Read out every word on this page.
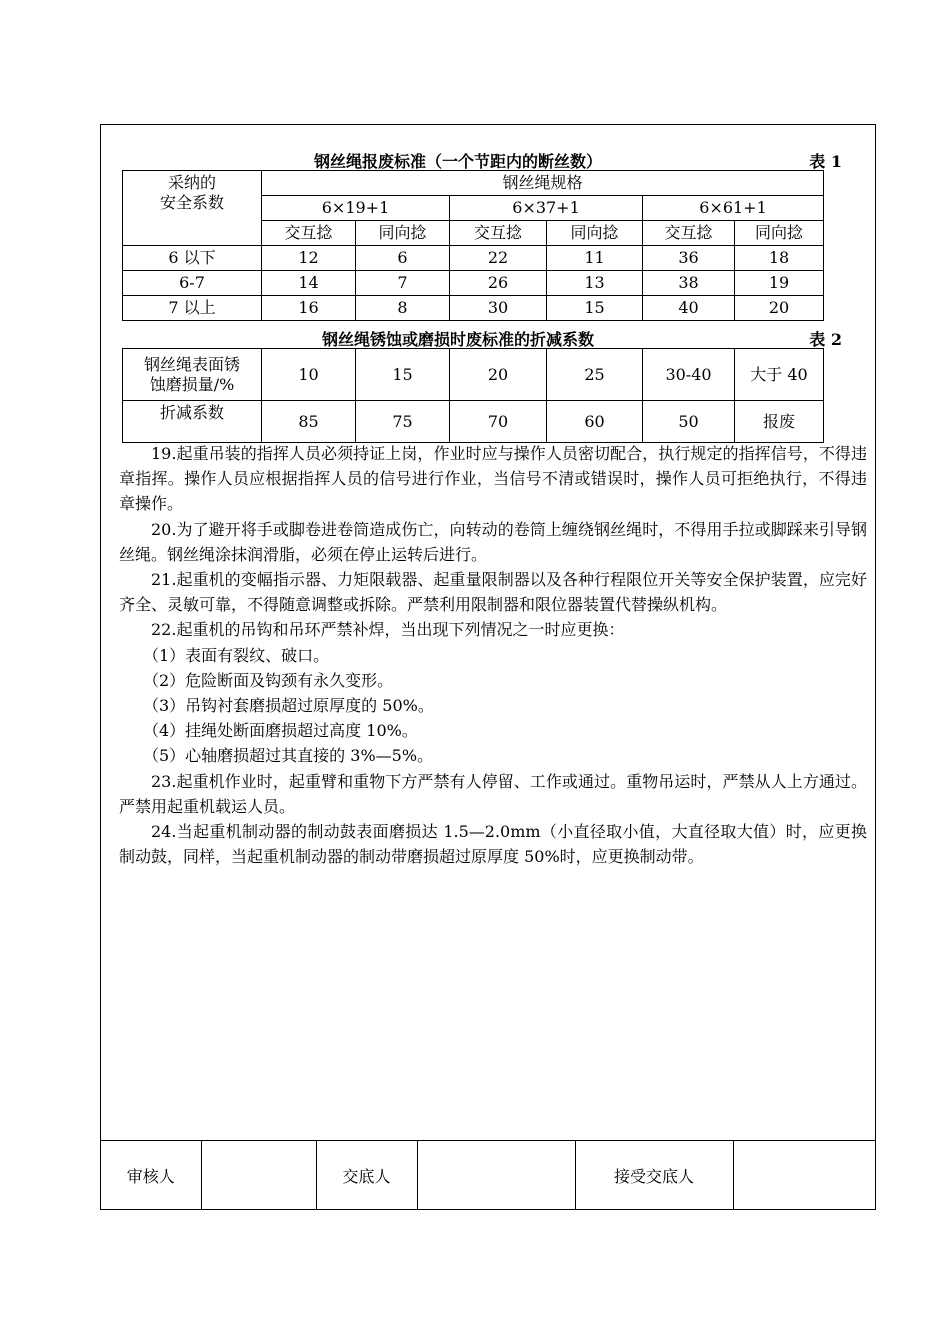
钢丝绳报废标准（一个节距内的断丝数）	表 1
采纳的
安全系数	钢丝绳规格					
	6×19+1		6×37+1		6×61+1	
	交互捻	同向捻	交互捻	同向捻	交互捻	同向捻
6 以下	12	6	22	11	36	18
6-7	14	7	26	13	38	19
7 以上	16	8	30	15	40	20
钢丝绳锈蚀或磨损时废标准的折减系数	表 2
钢丝绳表面锈
蚀磨损量/%	10	15	20	25	30-40	大于 40
折减系数	85	75	70	60	50	报废

19.起重吊装的指挥人员必须持证上岗，作业时应与操作人员密切配合，执行规定的指挥信号，不得违章指挥。操作人员应根据指挥人员的信号进行作业，当信号不清或错误时，操作人员可拒绝执行，不得违章操作。

20.为了避开将手或脚卷进卷筒造成伤亡，向转动的卷筒上缠绕钢丝绳时，不得用手拉或脚踩来引导钢丝绳。钢丝绳涂抹润滑脂，必须在停止运转后进行。

21.起重机的变幅指示器、力矩限载器、起重量限制器以及各种行程限位开关等安全保护装置，应完好齐全、灵敏可靠，不得随意调整或拆除。严禁利用限制器和限位器装置代替操纵机构。

22.起重机的吊钩和吊环严禁补焊，当出现下列情况之一时应更换：

（1）表面有裂纹、破口。

（2）危险断面及钩颈有永久变形。

（3）吊钩衬套磨损超过原厚度的 50%。

（4）挂绳处断面磨损超过高度 10%。

（5）心轴磨损超过其直接的 3%—5%。

23.起重机作业时，起重臂和重物下方严禁有人停留、工作或通过。重物吊运时，严禁从人上方通过。严禁用起重机载运人员。

24.当起重机制动器的制动鼓表面磨损达 1.5—2.0mm（小直径取小值，大直径取大值）时，应更换制动鼓，同样，当起重机制动器的制动带磨损超过原厚度 50%时，应更换制动带。

审核人		交底人		接受交底人	
